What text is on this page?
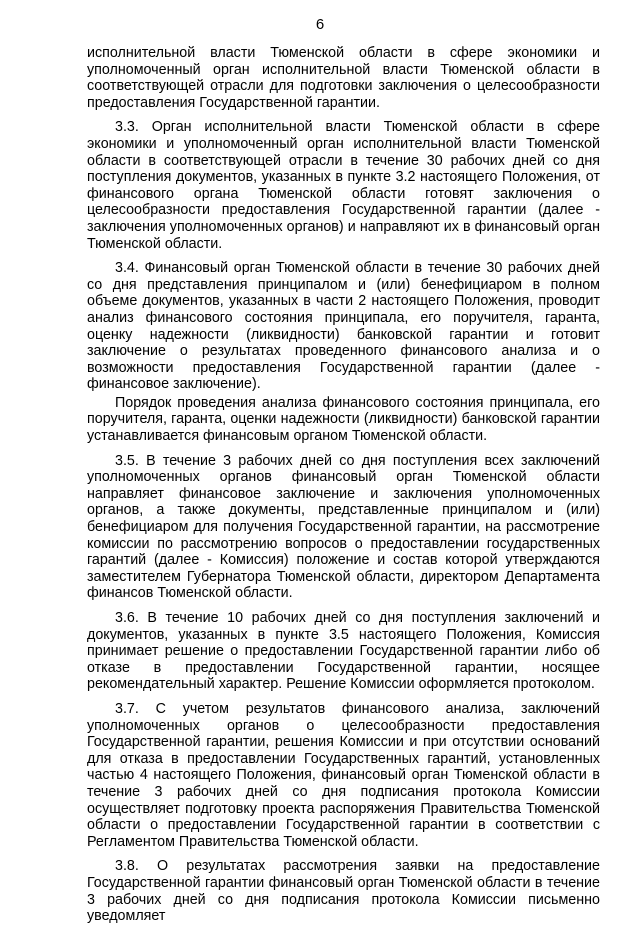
6

исполнительной власти Тюменской области в сфере экономики и уполномоченный орган исполнительной власти Тюменской области в соответствующей отрасли для подготовки заключения о целесообразности предоставления Государственной гарантии.

3.3. Орган исполнительной власти Тюменской области в сфере экономики и уполномоченный орган исполнительной власти Тюменской области в соответствующей отрасли в течение 30 рабочих дней со дня поступления документов, указанных в пункте 3.2 настоящего Положения, от финансового органа Тюменской области готовят заключения о целесообразности предоставления Государственной гарантии (далее - заключения уполномоченных органов) и направляют их в финансовый орган Тюменской области.

3.4. Финансовый орган Тюменской области в течение 30 рабочих дней со дня представления принципалом и (или) бенефициаром в полном объеме документов, указанных в части 2 настоящего Положения, проводит анализ финансового состояния принципала, его поручителя, гаранта, оценку надежности (ликвидности) банковской гарантии и готовит заключение о результатах проведенного финансового анализа и о возможности предоставления Государственной гарантии (далее - финансовое заключение).

Порядок проведения анализа финансового состояния принципала, его поручителя, гаранта, оценки надежности (ликвидности) банковской гарантии устанавливается финансовым органом Тюменской области.

3.5. В течение 3 рабочих дней со дня поступления всех заключений уполномоченных органов финансовый орган Тюменской области направляет финансовое заключение и заключения уполномоченных органов, а также документы, представленные принципалом и (или) бенефициаром для получения Государственной гарантии, на рассмотрение комиссии по рассмотрению вопросов о предоставлении государственных гарантий (далее - Комиссия) положение и состав которой утверждаются заместителем Губернатора Тюменской области, директором Департамента финансов Тюменской области.

3.6. В течение 10 рабочих дней со дня поступления заключений и документов, указанных в пункте 3.5 настоящего Положения, Комиссия принимает решение о предоставлении Государственной гарантии либо об отказе в предоставлении Государственной гарантии, носящее рекомендательный характер. Решение Комиссии оформляется протоколом.

3.7. С учетом результатов финансового анализа, заключений уполномоченных органов о целесообразности предоставления Государственной гарантии, решения Комиссии и при отсутствии оснований для отказа в предоставлении Государственных гарантий, установленных частью 4 настоящего Положения, финансовый орган Тюменской области в течение 3 рабочих дней со дня подписания протокола Комиссии осуществляет подготовку проекта распоряжения Правительства Тюменской области о предоставлении Государственной гарантии в соответствии с Регламентом Правительства Тюменской области.

3.8. О результатах рассмотрения заявки на предоставление Государственной гарантии финансовый орган Тюменской области в течение 3 рабочих дней со дня подписания протокола Комиссии письменно уведомляет
